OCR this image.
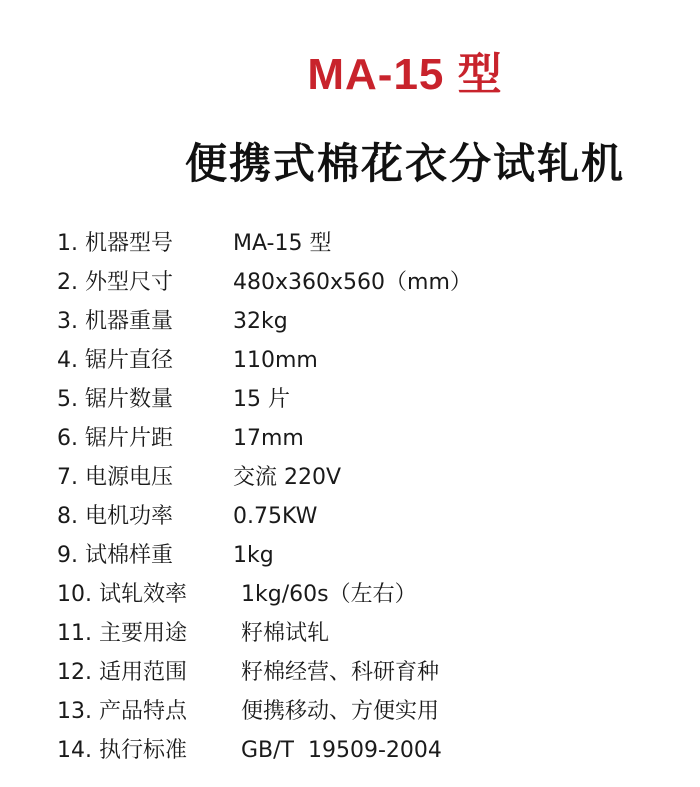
MA-15 型
便携式棉花衣分试轧机
1. 机器型号	MA-15 型
2. 外型尺寸	480x360x560（mm）
3. 机器重量	32kg
4. 锯片直径	110mm
5. 锯片数量	15 片
6. 锯片片距	17mm
7. 电源电压	交流 220V
8. 电机功率	0.75KW
9. 试棉样重	1kg
10. 试轧效率	1kg/60s（左右）
11. 主要用途	籽棉试轧
12. 适用范围	籽棉经营、科研育种
13. 产品特点	便携移动、方便实用
14. 执行标准	GB/T  19509-2004
